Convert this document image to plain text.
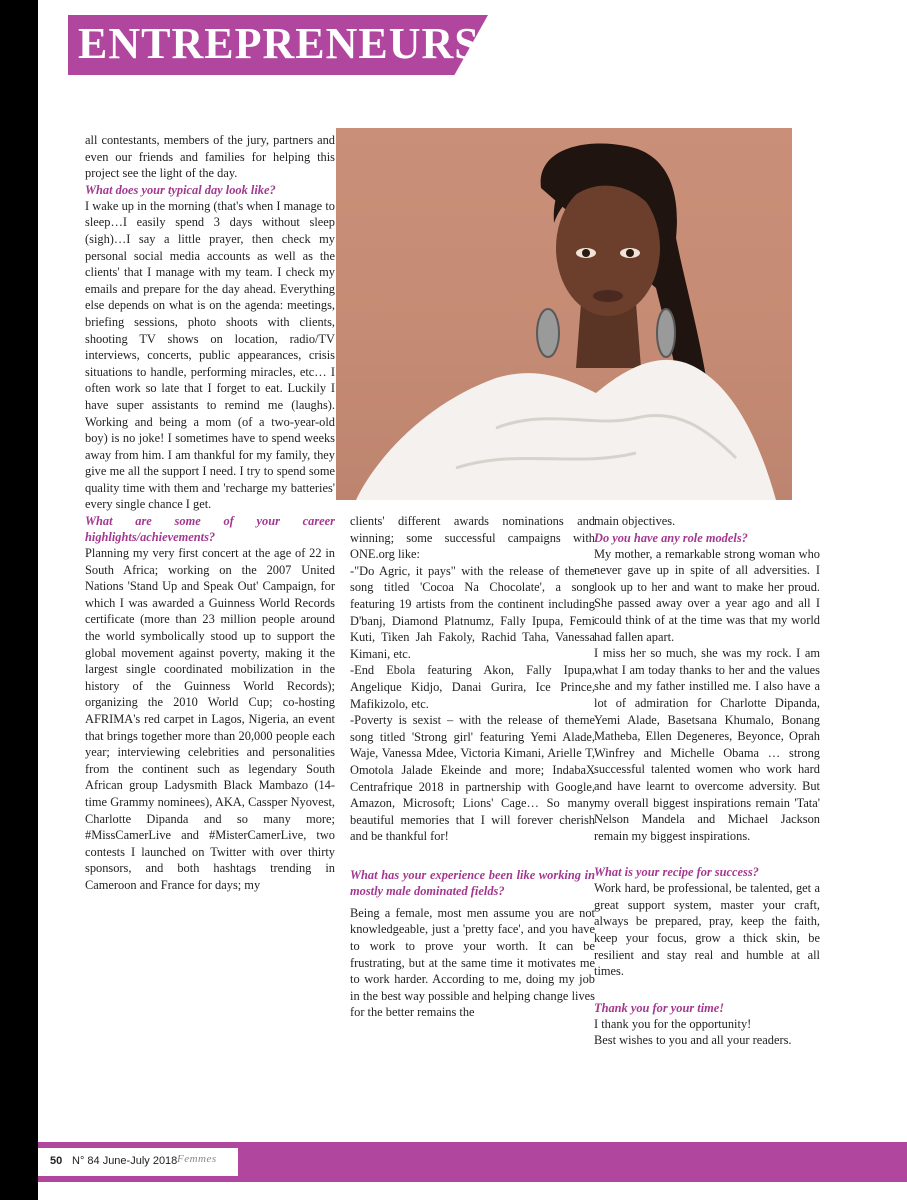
ENTREPRENEURS

all contestants, members of the jury, partners and even our friends and families for helping this project see the light of the day.

What does your typical day look like?

I wake up in the morning (that's when I manage to sleep…I easily spend 3 days without sleep (sigh)…I say a little prayer, then check my personal social media accounts as well as the clients' that I manage with my team. I check my emails and prepare for the day ahead. Everything else depends on what is on the agenda: meetings, briefing sessions, photo shoots with clients, shooting TV shows on location, radio/TV interviews, concerts, public appearances, crisis situations to handle, performing miracles, etc… I often work so late that I forget to eat. Luckily I have super assistants to remind me (laughs). Working and being a mom (of a two-year-old boy) is no joke! I sometimes have to spend weeks away from him. I am thankful for my family, they give me all the support I need. I try to spend some quality time with them and 'recharge my batteries' every single chance I get.

What are some of your career highlights/achievements?

Planning my very first concert at the age of 22 in South Africa; working on the 2007 United Nations 'Stand Up and Speak Out' Campaign, for which I was awarded a Guinness World Records certificate (more than 23 million people around the world symbolically stood up to support the global movement against poverty, making it the largest single coordinated mobilization in the history of the Guinness World Records); organizing the 2010 World Cup; co-hosting AFRIMA's red carpet in Lagos, Nigeria, an event that brings together more than 20,000 people each year; interviewing celebrities and personalities from the continent such as legendary South African group Ladysmith Black Mambazo (14-time Grammy nominees), AKA, Cassper Nyovest, Charlotte Dipanda and so many more; #MissCamerLive and #MisterCamerLive, two contests I launched on Twitter with over thirty sponsors, and both hashtags trending in Cameroon and France for days; my

clients' different awards nominations and winning; some successful campaigns with ONE.org like:

-"Do Agric, it pays" with the release of theme song titled 'Cocoa Na Chocolate', a song featuring 19 artists from the continent including D'banj, Diamond Platnumz, Fally Ipupa, Femi Kuti, Tiken Jah Fakoly, Rachid Taha, Vanessa Kimani, etc.

-End Ebola featuring Akon, Fally Ipupa, Angelique Kidjo, Danai Gurira, Ice Prince, Mafikizolo, etc.

-Poverty is sexist – with the release of theme song titled 'Strong girl' featuring Yemi Alade, Waje, Vanessa Mdee, Victoria Kimani, Arielle T, Omotola Jalade Ekeinde and more; IndabaX Centrafrique 2018 in partnership with Google, Amazon, Microsoft; Lions' Cage… So many beautiful memories that I will forever cherish and be thankful for!

What has your experience been like working in mostly male dominated fields?

Being a female, most men assume you are not knowledgeable, just a 'pretty face', and you have to work to prove your worth. It can be frustrating, but at the same time it motivates me to work harder. According to me, doing my job in the best way possible and helping change lives for the better remains the

main objectives.

Do you have any role models?

My mother, a remarkable strong woman who never gave up in spite of all adversities. I look up to her and want to make her proud. She passed away over a year ago and all I could think of at the time was that my world had fallen apart.

I miss her so much, she was my rock. I am what I am today thanks to her and the values she and my father instilled me. I also have a lot of admiration for Charlotte Dipanda, Yemi Alade, Basetsana Khumalo, Bonang Matheba, Ellen Degeneres, Beyonce, Oprah Winfrey and Michelle Obama … strong successful talented women who work hard and have learnt to overcome adversity. But my overall biggest inspirations remain 'Tata' Nelson Mandela and Michael Jackson remain my biggest inspirations.

What is your recipe for success?

Work hard, be professional, be talented, get a great support system, master your craft, always be prepared, pray, keep the faith, keep your focus, grow a thick skin, be resilient and stay real and humble at all times.

Thank you for your time!

I thank you for the opportunity!

Best wishes to you and all your readers.

50 N° 84 June-July 2018 Femmes
